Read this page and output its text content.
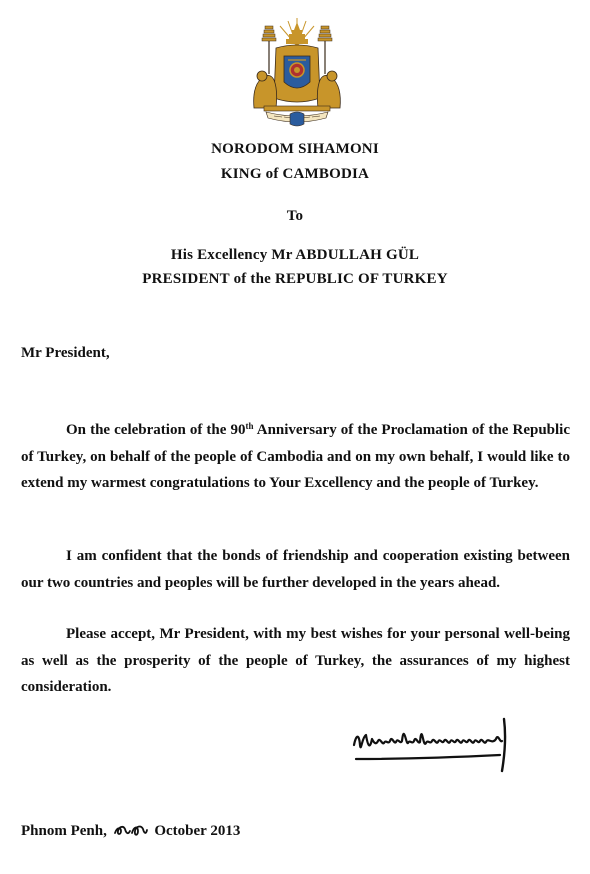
NORODOM SIHAMONI
KING of CAMBODIA
To
His Excellency Mr ABDULLAH GÜL
PRESIDENT of the REPUBLIC OF TURKEY
Mr President,

On the celebration of the 90th Anniversary of the Proclamation of the Republic of Turkey, on behalf of the people of Cambodia and on my own behalf, I would like to extend my warmest congratulations to Your Excellency and the people of Turkey.

I am confident that the bonds of friendship and cooperation existing between our two countries and peoples will be further developed in the years ahead.

Please accept, Mr President, with my best wishes for your personal well-being as well as the prosperity of the people of Turkey, the assurances of my highest consideration.

Phnom Penh,	October 2013
